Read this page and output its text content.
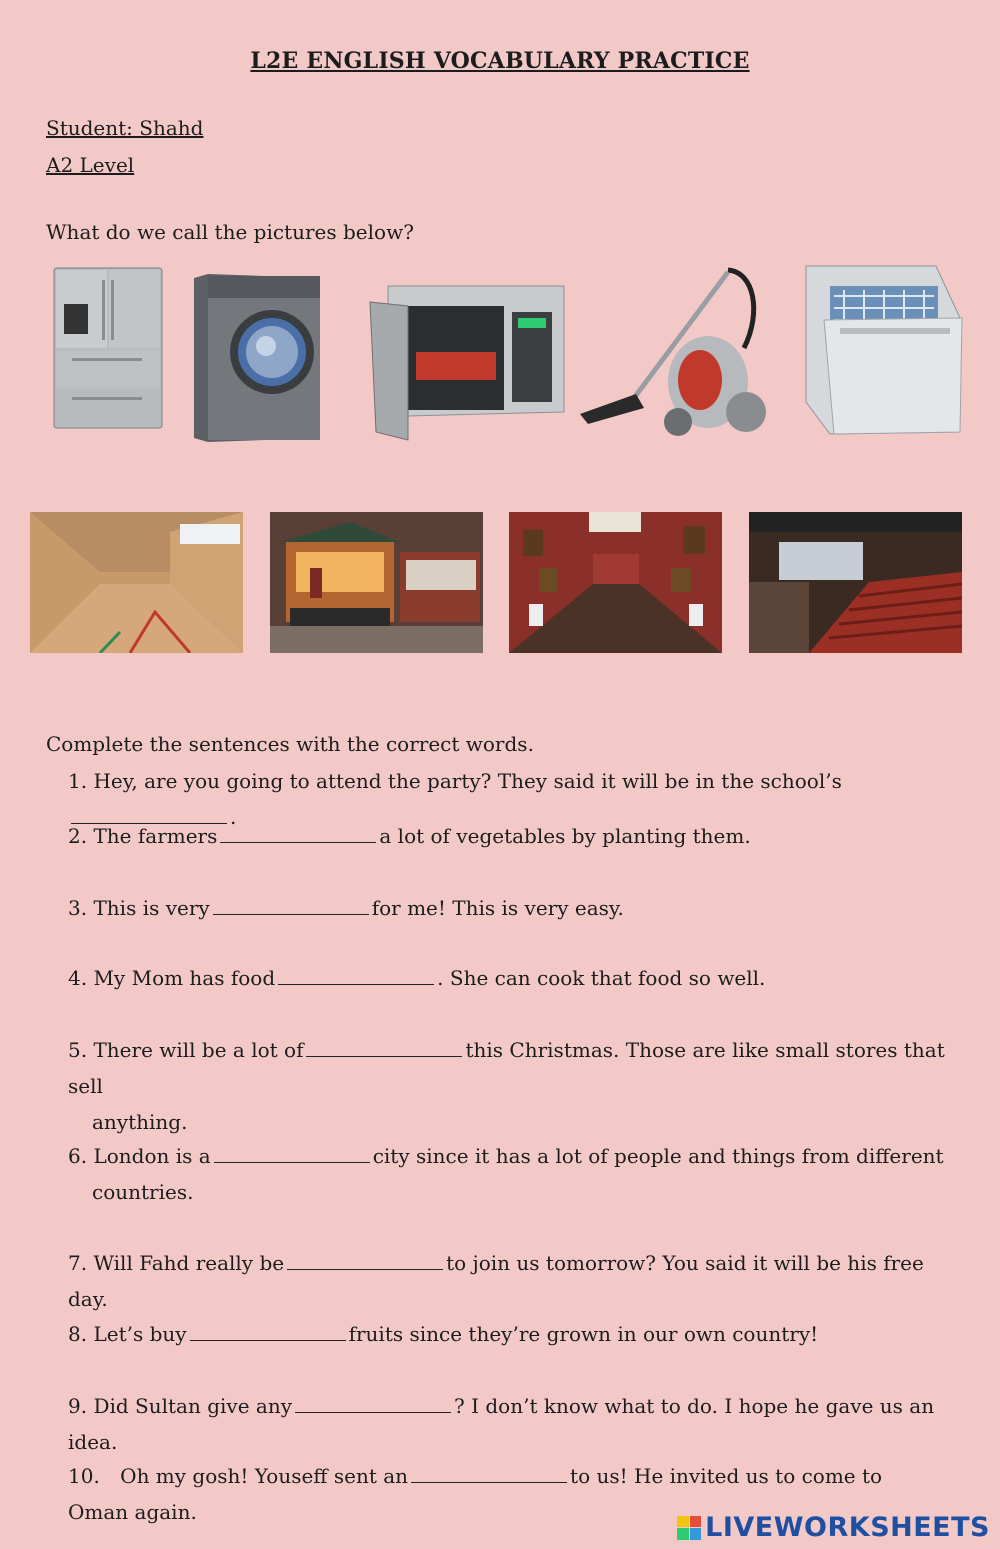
L2E ENGLISH VOCABULARY PRACTICE
Student: Shahd
A2 Level
What do we call the pictures below?
Complete the sentences with the correct words.
1. Hey, are you going to attend the party? They said it will be in the school’s.
2. The farmers	a lot of vegetables by planting them.
3. This is very	for me! This is very easy.
4. My Mom has food	. She can cook that food so well.
5. There will be a lot of	this Christmas. Those are like small stores that sell
anything.
6. London is a	city since it has a lot of people and things from different
countries.
7. Will Fahd really be	to join us tomorrow? You said it will be his free day.
8. Let’s buy	fruits since they’re grown in our own country!
9. Did Sultan give any	? I don’t know what to do. I hope he gave us an idea.
10. Oh my gosh! Youseff sent an	to us! He invited us to come to Oman again.	LIVEWORKSHEETS
